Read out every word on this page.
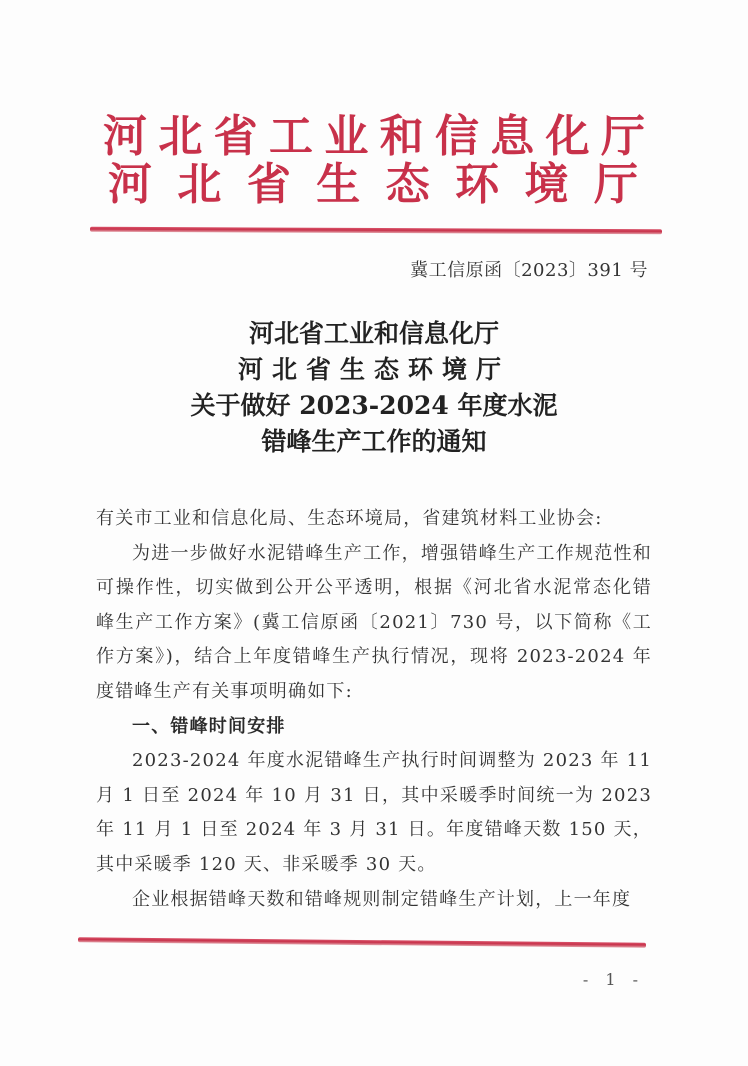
河 北 省 工 业 和 信 息 化 厅
河 北 省 生 态 环 境 厅
冀工信原函〔2023〕391 号
河北省工业和信息化厅
河北省生态环境厅
关于做好 2023-2024 年度水泥
错峰生产工作的通知

有关市工业和信息化局、生态环境局，省建筑材料工业协会:

为进一步做好水泥错峰生产工作，增强错峰生产工作规范性和可操作性，切实做到公开公平透明，根据《河北省水泥常态化错峰生产工作方案》(冀工信原函〔2021〕730 号，以下简称《工作方案》)，结合上年度错峰生产执行情况，现将 2023-2024 年度错峰生产有关事项明确如下:

一、错峰时间安排

2023-2024 年度水泥错峰生产执行时间调整为 2023 年 11 月 1 日至 2024 年 10 月 31 日，其中采暖季时间统一为 2023 年 11 月 1 日至 2024 年 3 月 31 日。年度错峰天数 150 天，其中采暖季 120 天、非采暖季 30 天。

企业根据错峰天数和错峰规则制定错峰生产计划，上一年度

- 1 -
